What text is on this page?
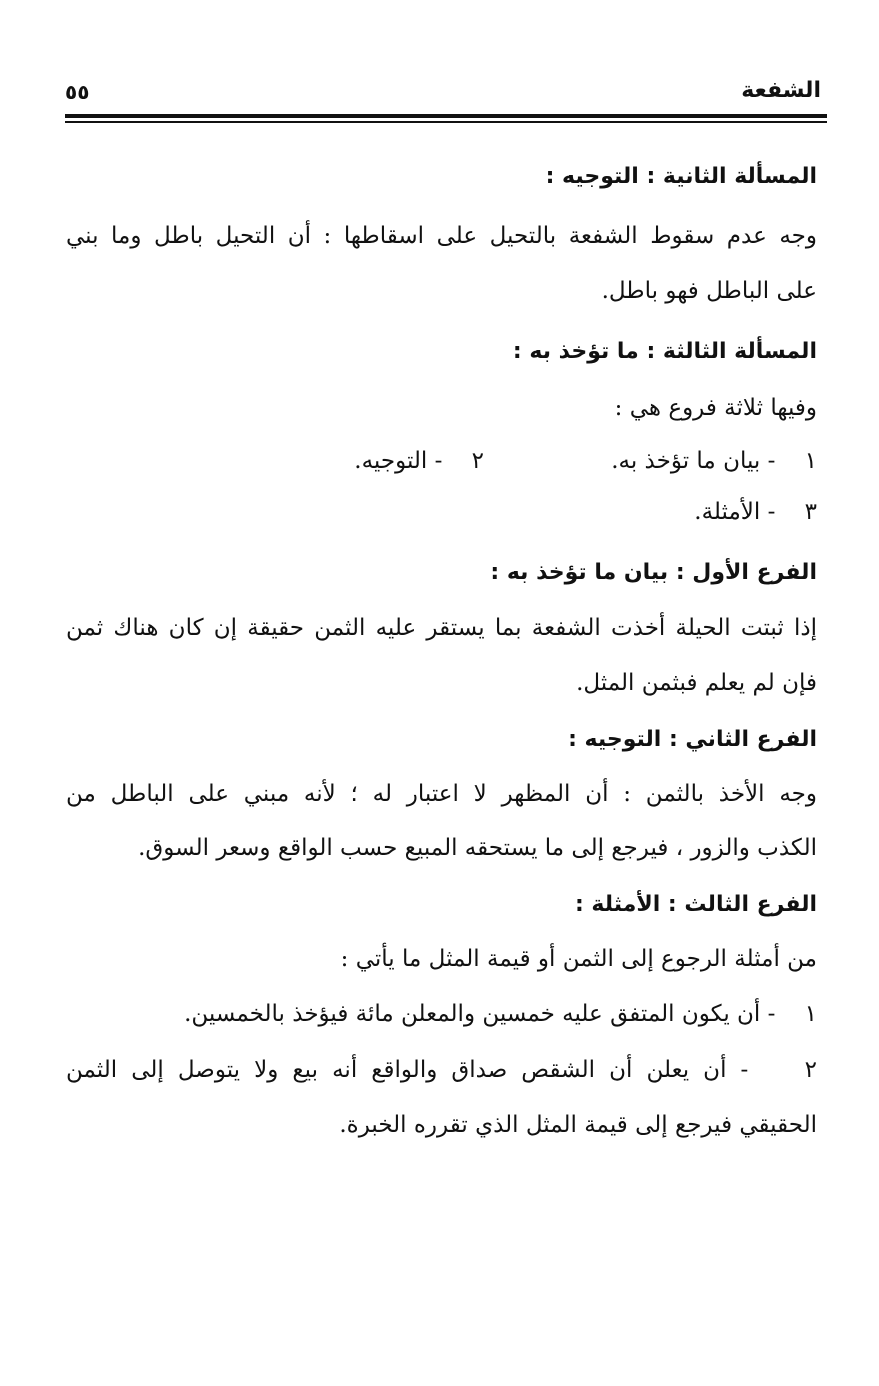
الشفعة
٥٥
المسألة الثانية : التوجيه :
وجه عدم سقوط الشفعة بالتحيل على اسقاطها : أن التحيل باطل وما بني
على الباطل فهو باطل.
المسألة الثالثة : ما تؤخذ به :
وفيها ثلاثة فروع هي :
١    - بيان ما تؤخذ به.
٢    - التوجيه.
٣    - الأمثلة.
الفرع الأول : بيان ما تؤخذ به :
إذا ثبتت الحيلة أخذت الشفعة بما يستقر عليه الثمن حقيقة إن كان هناك ثمن
فإن لم يعلم فبثمن المثل.
الفرع الثاني : التوجيه :
وجه الأخذ بالثمن : أن المظهر لا اعتبار له ؛ لأنه مبني على الباطل من
الكذب والزور ، فيرجع إلى ما يستحقه المبيع حسب الواقع وسعر السوق.
الفرع الثالث : الأمثلة :
من أمثلة الرجوع إلى الثمن أو قيمة المثل ما يأتي :
١    - أن يكون المتفق عليه خمسين والمعلن مائة فيؤخذ بالخمسين.
٢    - أن يعلن أن الشقص صداق والواقع أنه بيع ولا يتوصل إلى الثمن
الحقيقي فيرجع إلى قيمة المثل الذي تقرره الخبرة.
